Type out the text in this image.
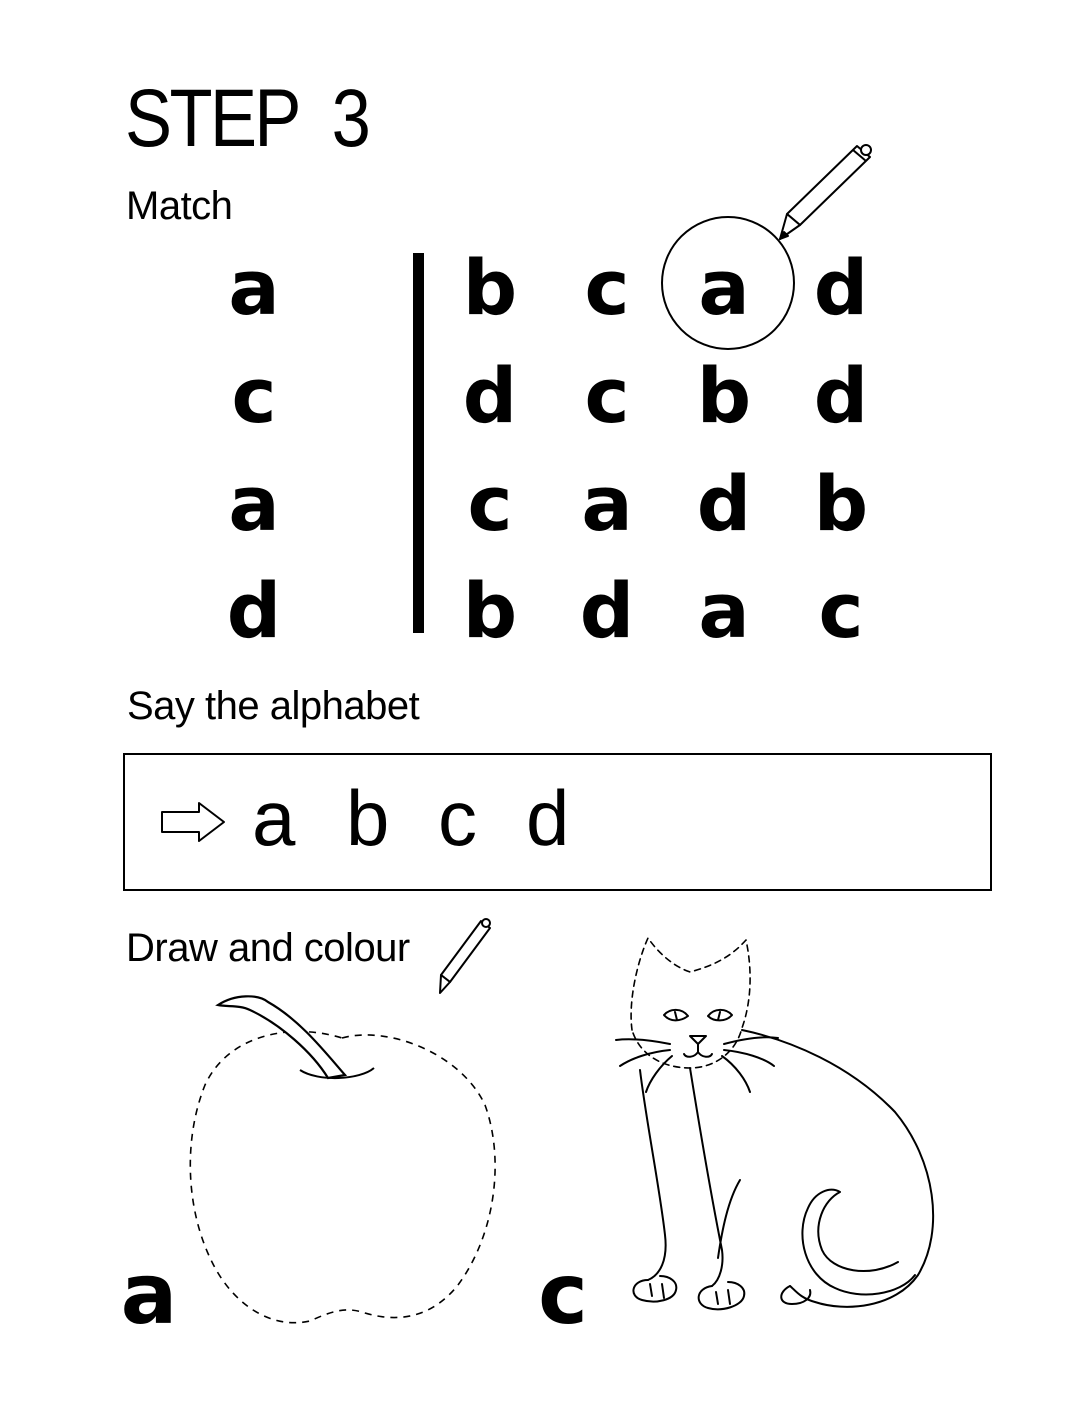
STEP  3
Match
a b c a d
c d c b d
a c a d b
d b d a c
Say the alphabet
a b c d
Draw and colour
a	c
